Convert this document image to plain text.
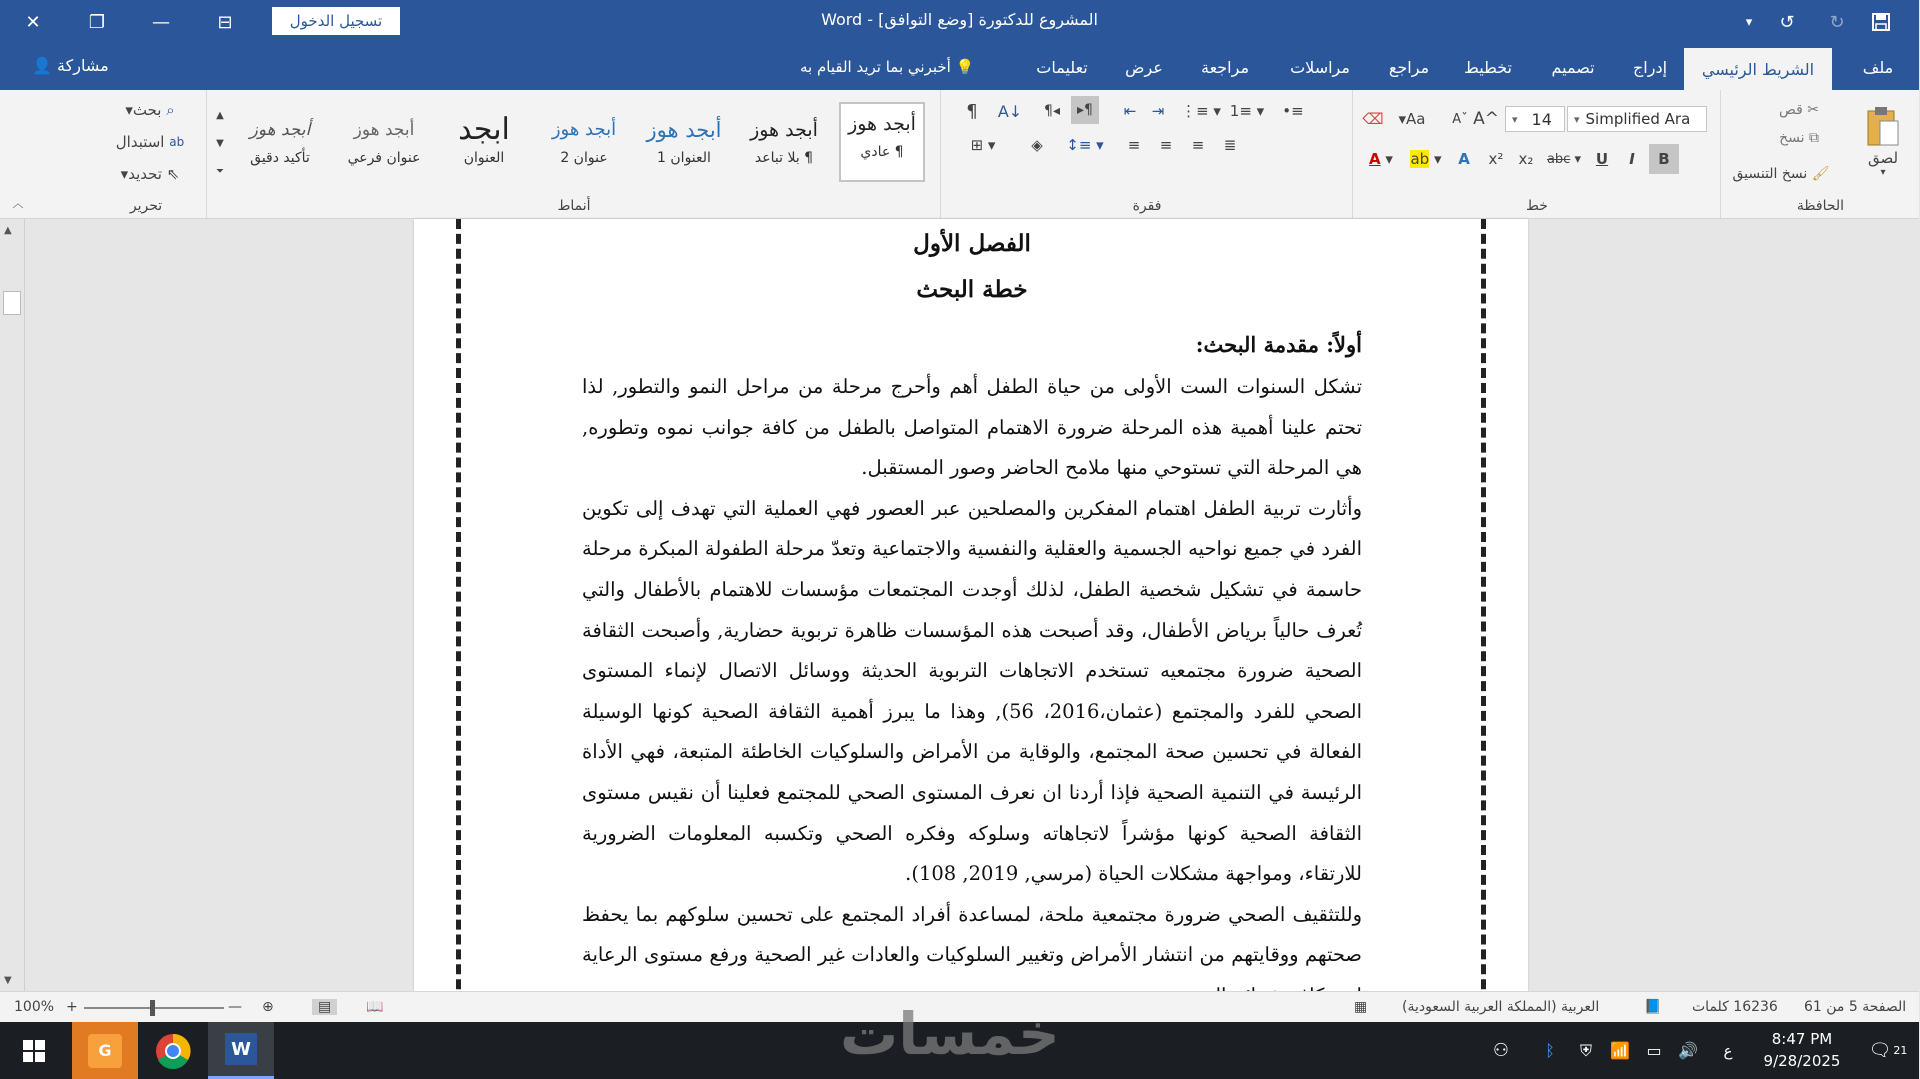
✕	❐	—	⊟	تسجيل الدخول	المشروع للدكتورة [وضع التوافق] - Word	▾	↺	↻
مشاركة 👤	💡 أخبرني بما تريد القيام به	تعليمات	عرض	مراجعة	مراسلات	مراجع	تخطيط	تصميم	إدراج	الشريط الرئيسي	ملف
⌕

بحث
▾
ab

استبدال
⇖

تحديد
▾
تحرير
▲
▼
⏷
أبجد هوز
تأكيد دقيق
أبجد هوز
عنوان فرعي
ابجد
العنوان
أبجد هوز
عنوان 2
أبجد هوز
العنوان 1
أبجد هوز
¶ بلا تباعد
أبجد هوز
¶ عادي
أنماط
¶	A↓	¶◂	▸¶	⇤	⇥	⋮≡ ▾ 1≡ ▾	•≡
⊞ ▾	◈	↕≡ ▾	≡	≡	≡	≣
فقرة
⌫ ▾Aa	Aˇ A^ ▾ 14 ▾ Simplified Ara
A ▾	ab ▾	A	x²	x₂	abc ▾ U	I	B
خط
✂

قص
⧉

نسخ
🖌

نسخ التنسيق
لصق
▾
الحافظة
︿
▲
▼
الفصل الأول
خطة البحث
أولاً: مقدمة البحث:

تشكل السنوات الست الأولى من حياة الطفل أهم وأحرج مرحلة من مراحل النمو والتطور, لذا تحتم علينا أهمية هذه المرحلة ضرورة الاهتمام المتواصل بالطفل من كافة جوانب نموه وتطوره, هي المرحلة التي تستوحي منها ملامح الحاضر وصور المستقبل.

وأثارت تربية الطفل اهتمام المفكرين والمصلحين عبر العصور فهي العملية التي تهدف إلى تكوين الفرد في جميع نواحيه الجسمية والعقلية والنفسية والاجتماعية وتعدّ مرحلة الطفولة المبكرة مرحلة حاسمة في تشكيل شخصية الطفل، لذلك أوجدت المجتمعات مؤسسات للاهتمام بالأطفال والتي تُعرف حالياً برياض الأطفال، وقد أصبحت هذه المؤسسات ظاهرة تربوية حضارية, وأصبحت الثقافة الصحية ضرورة مجتمعيه تستخدم الاتجاهات التربوية الحديثة ووسائل الاتصال لإنماء المستوى الصحي للفرد والمجتمع (عثمان،2016، 56), وهذا ما يبرز أهمية الثقافة الصحية كونها الوسيلة الفعالة في تحسين صحة المجتمع، والوقاية من الأمراض والسلوكيات الخاطئة المتبعة، فهي الأداة الرئيسة في التنمية الصحية فإذا أردنا ان نعرف المستوى الصحي للمجتمع فعلينا أن نقيس مستوى الثقافة الصحية كونها مؤشراً لاتجاهاته وسلوكه وفكره الصحي وتكسبه المعلومات الضرورية للارتقاء، ومواجهة مشكلات الحياة (مرسي, 2019, 108).

وللتثقيف الصحي ضرورة مجتمعية ملحة، لمساعدة أفراد المجتمع على تحسين سلوكهم بما يحفظ صحتهم ووقايتهم من انتشار الأمراض وتغيير السلوكيات والعادات غير الصحية ورفع مستوى الرعاية

100% +	— ⊕	▤	📖	▦ العربية (المملكة العربية السعودية)	📘 16236 كلمات الصفحة 5 من 61
G	W	⚇	ᛒ	⛨	📶	▭	🔊	ع
8:47 PM
9/28/2025	🗨 21
خمسات
